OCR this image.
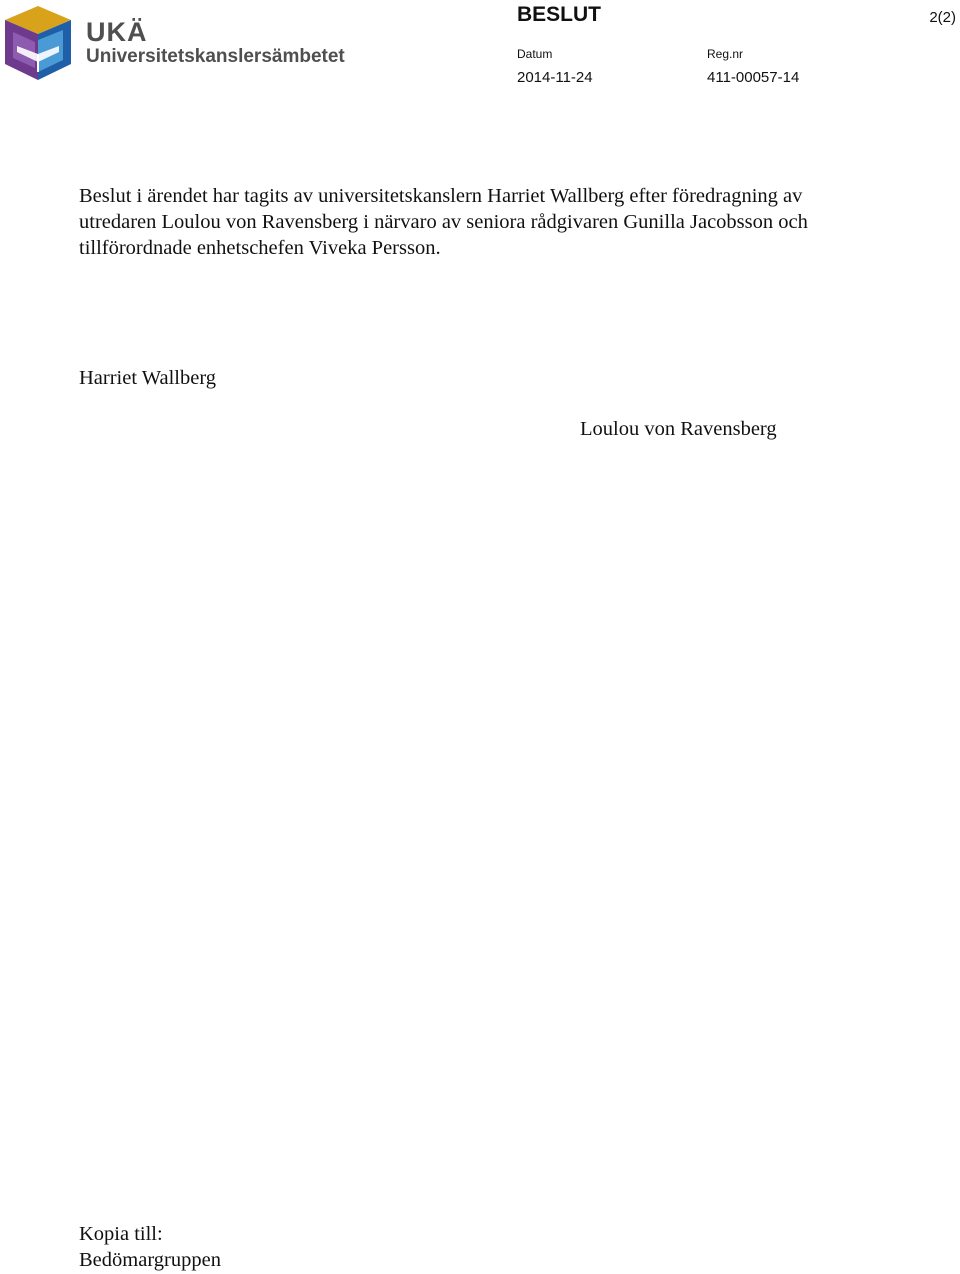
UKÄ
Universitetskanslersämbetet
BESLUT	2(2)
Datum	Reg.nr
2014-11-24	411-00057-14

Beslut i ärendet har tagits av universitetskanslern Harriet Wallberg efter föredragning av utredaren Loulou von Ravensberg i närvaro av seniora rådgivaren Gunilla Jacobsson och tillförordnade enhetschefen Viveka Persson.

Harriet Wallberg
Loulou von Ravensberg
Kopia till:
Bedömargruppen
